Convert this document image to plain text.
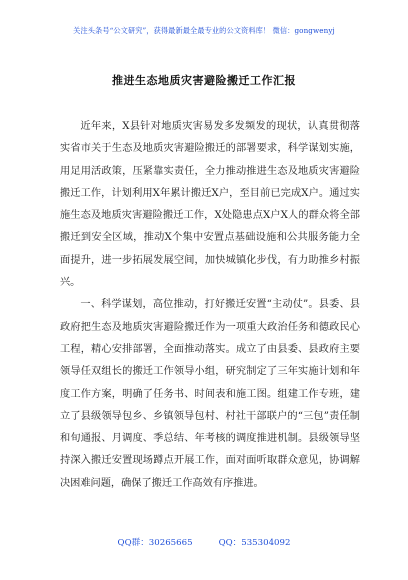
关注头条号“公文研究”，获得最新最全最专业的公文资料库！ 微信：gongwenyj
推进生态地质灾害避险搬迁工作汇报

近年来，X县针对地质灾害易发多发频发的现状，认真贯彻落实省市关于生态及地质灾害避险搬迁的部署要求，科学谋划实施，用足用活政策，压紧靠实责任，全力推动推进生态及地质灾害避险搬迁工作，计划利用X年累计搬迁X户，至目前已完成X户。通过实施生态及地质灾害避险搬迁工作，X处隐患点X户X人的群众将全部搬迁到安全区域，推动X个集中安置点基础设施和公共服务能力全面提升，进一步拓展发展空间，加快城镇化步伐，有力助推乡村振兴。

一、科学谋划，高位推动，打好搬迁安置“主动仗”。县委、县政府把生态及地质灾害避险搬迁作为一项重大政治任务和德政民心工程，精心安排部署，全面推动落实。成立了由县委、县政府主要领导任双组长的搬迁工作领导小组，研究制定了三年实施计划和年度工作方案，明确了任务书、时间表和施工图。组建工作专班，建立了县级领导包乡、乡镇领导包村、村社干部联户的“三包”责任制和旬通报、月调度、季总结、年考核的调度推进机制。县级领导坚持深入搬迁安置现场蹲点开展工作，面对面听取群众意见，协调解决困难问题，确保了搬迁工作高效有序推进。

QQ群：30265665	QQ：535304092
